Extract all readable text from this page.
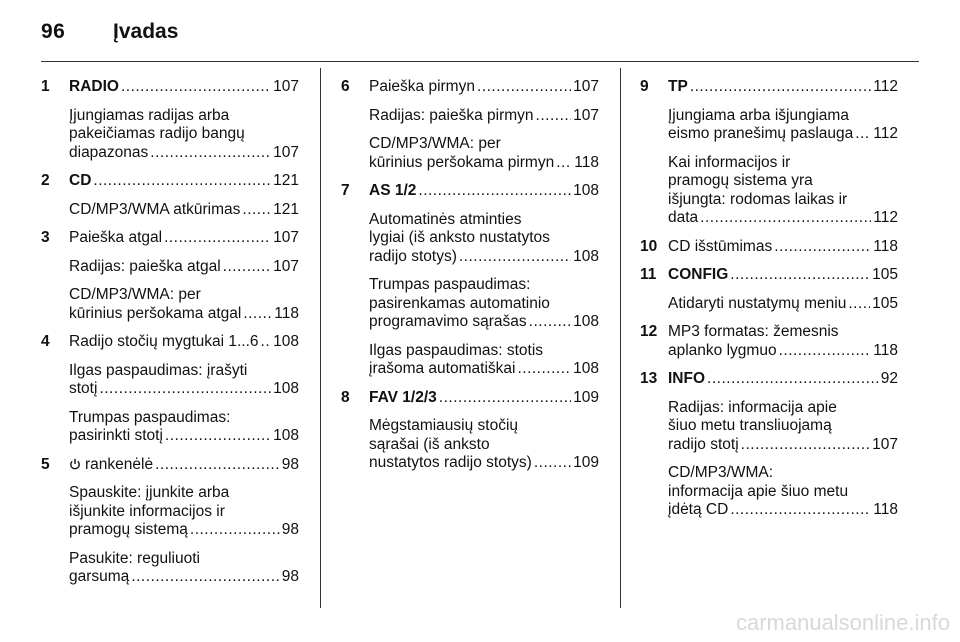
96 Įvadas
1	RADIO .....	107
Įjungiamas radijas arba
pakeičiamas radijo bangų
diapazonas .....	107
2	CD .....	121
CD/MP3/WMA atkūrimas ..... 121
3	Paieška atgal .....	107
Radijas: paieška atgal .....	107
CD/MP3/WMA: per
kūrinius peršokama atgal ..... 118
4	Radijo stočių mygtukai 1...6 ..... 108
Ilgas paspaudimas: įrašyti
stotį .....	108
Trumpas paspaudimas:
pasirinkti stotį .....	108
5	rankenėlė .....	98
Spauskite: įjunkite arba
išjunkite informacijos ir
pramogų sistemą .....	98
Pasukite: reguliuoti
garsumą .....	98
6	Paieška pirmyn .....	107
Radijas: paieška pirmyn .....	107
CD/MP3/WMA: per
kūrinius peršokama pirmyn ..... 118
7	AS 1/2 .....	108
Automatinės atminties
lygiai (iš anksto nustatytos
radijo stotys) .....	108
Trumpas paspaudimas:
pasirenkamas automatinio
programavimo sąrašas .....	108
Ilgas paspaudimas: stotis
įrašoma automatiškai .....	108
8	FAV 1/2/3 .....	109
Mėgstamiausių stočių
sąrašai (iš anksto
nustatytos radijo stotys) .....	109
9	TP .....	112
Įjungiama arba išjungiama
eismo pranešimų paslauga ..... 112
Kai informacijos ir
pramogų sistema yra
išjungta: rodomas laikas ir
data .....	112
10 CD išstūmimas .....	118
11 CONFIG .....	105
Atidaryti nustatymų meniu ..... 105
12 MP3 formatas: žemesnis
aplanko lygmuo .....	118
13 INFO .....	92
Radijas: informacija apie
šiuo metu transliuojamą
radijo stotį .....	107
CD/MP3/WMA:
informacija apie šiuo metu
įdėtą CD .....	118
carmanualsonline.info
